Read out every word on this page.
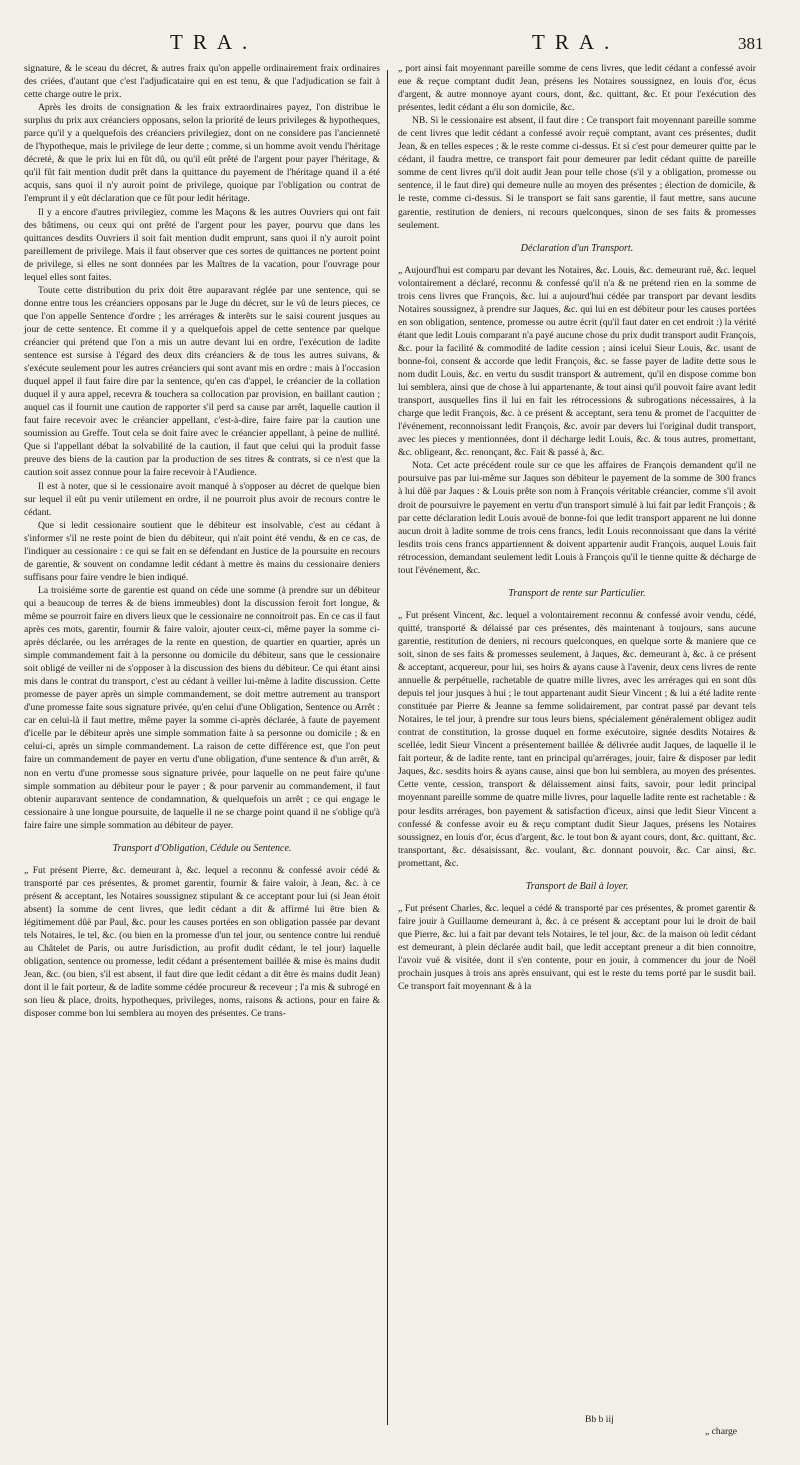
TRA.	TRA.	381

signature, & le sceau du décret, & autres fraix qu'on appelle ordinairement fraix ordinaires des criées, d'autant que c'est l'adjudicataire qui en est tenu, & que l'adjudication se fait à cette charge outre le prix.

Après les droits de consignation & les fraix extraordinaires payez, l'on distribue le surplus du prix aux créanciers opposans, selon la priorité de leurs privileges & hypotheques, parce qu'il y a quelquefois des créanciers privilegiez, dont on ne considere pas l'ancienneté de l'hypotheque, mais le privilege de leur dette ; comme, si un homme avoit vendu l'héritage décreté, & que le prix lui en fût dû, ou qu'il eût prêté de l'argent pour payer l'héritage, & qu'il fût fait mention dudit prêt dans la quittance du payement de l'héritage quand il a été acquis, sans quoi il n'y auroit point de privilege, quoique par l'obligation ou contrat de l'emprunt il y eût déclaration que ce fût pour ledit héritage.

Il y a encore d'autres privilegiez, comme les Maçons & les autres Ouvriers qui ont fait des bâtimens, ou ceux qui ont prêté de l'argent pour les payer, pourvu que dans les quittances desdits Ouvriers il soit fait mention dudit emprunt, sans quoi il n'y auroit point pareillement de privilege. Mais il faut observer que ces sortes de quittances ne portent point de privilege, si elles ne sont données par les Maîtres de la vacation, pour l'ouvrage pour lequel elles sont faites.

Toute cette distribution du prix doit être auparavant réglée par une sentence, qui se donne entre tous les créanciers opposans par le Juge du décret, sur le vû de leurs pieces, ce que l'on appelle Sentence d'ordre ; les arrérages & interêts sur le saisi courent jusques au jour de cette sentence. Et comme il y a quelquefois appel de cette sentence par quelque créancier qui prétend que l'on a mis un autre devant lui en ordre, l'exécution de ladite sentence est sursise à l'égard des deux dits créanciers & de tous les autres suivans, & s'exécute seulement pour les autres créanciers qui sont avant mis en ordre : mais à l'occasion duquel appel il faut faire dire par la sentence, qu'en cas d'appel, le créancier de la collation duquel il y aura appel, recevra & touchera sa collocation par provision, en baillant caution ; auquel cas il fournit une caution de rapporter s'il perd sa cause par arrêt, laquelle caution il faut faire recevoir avec le créancier appellant, c'est-à-dire, faire faire par la caution une soumission au Greffe. Tout cela se doit faire avec le créancier appellant, à peine de nullité. Que si l'appellant débat la solvabilité de la caution, il faut que celui qui la produit fasse preuve des biens de la caution par la production de ses titres & contrats, si ce n'est que la caution soit assez connue pour la faire recevoir à l'Audience.

Il est à noter, que si le cessionaire avoit manqué à s'opposer au décret de quelque bien sur lequel il eût pu venir utilement en ordre, il ne pourroit plus avoir de recours contre le cédant.

Que si ledit cessionaire soutient que le débiteur est insolvable, c'est au cédant à s'informer s'il ne reste point de bien du débiteur, qui n'ait point été vendu, & en ce cas, de l'indiquer au cessionaire : ce qui se fait en se défendant en Justice de la poursuite en recours de garentie, & souvent on condamne ledit cédant à mettre ès mains du cessionaire deniers suffisans pour faire vendre le bien indiqué.

La troisiéme sorte de garentie est quand on céde une somme (à prendre sur un débiteur qui a beaucoup de terres & de biens immeubles) dont la discussion feroit fort longue, & même se pourroit faire en divers lieux que le cessionaire ne connoitroit pas. En ce cas il faut après ces mots, garentir, fournir & faire valoir, ajouter ceux-ci, même payer la somme ci-après déclarée, ou les arrérages de la rente en question, de quartier en quartier, après un simple commandement fait à la personne ou domicile du débiteur, sans que le cessionaire soit obligé de veiller ni de s'opposer à la discussion des biens du débiteur. Ce qui étant ainsi mis dans le contrat du transport, c'est au cédant à veiller lui-même à ladite discussion. Cette promesse de payer après un simple commandement, se doit mettre autrement au transport d'une promesse faite sous signature privée, qu'en celui d'une Obligation, Sentence ou Arrêt : car en celui-là il faut mettre, même payer la somme ci-après déclarée, à faute de payement d'icelle par le débiteur après une simple sommation faite à sa personne ou domicile ; & en celui-ci, après un simple commandement. La raison de cette différence est, que l'on peut faire un commandement de payer en vertu d'une obligation, d'une sentence & d'un arrêt, & non en vertu d'une promesse sous signature privée, pour laquelle on ne peut faire qu'une simple sommation au débiteur pour le payer ; & pour parvenir au commandement, il faut obtenir auparavant sentence de condamnation, & quelquefois un arrêt ; ce qui engage le cessionaire à une longue poursuite, de laquelle il ne se charge point quand il ne s'oblige qu'à faire faire une simple sommation au débiteur de payer.

Transport d'Obligation, Cédule ou Sentence.

„ Fut présent Pierre, &c. demeurant à, &c. lequel a reconnu & confessé avoir cédé & transporté par ces présentes, & promet garentir, fournir & faire valoir, à Jean, &c. à ce présent & acceptant, les Notaires soussignez stipulant & ce acceptant pour lui (si Jean étoit absent) la somme de cent livres, que ledit cédant a dit & affirmé lui être bien & légitimement dûë par Paul, &c. pour les causes portées en son obligation passée par devant tels Notaires, le tel, &c. (ou bien en la promesse d'un tel jour, ou sentence contre lui renduë au Châtelet de Paris, ou autre Jurisdiction, au profit dudit cédant, le tel jour) laquelle obligation, sentence ou promesse, ledit cédant a présentement baillée & mise ès mains dudit Jean, &c. (ou bien, s'il est absent, il faut dire que ledit cédant a dit être ès mains dudit Jean) dont il le fait porteur, & de ladite somme cédée procureur & receveur ; l'a mis & subrogé en son lieu & place, droits, hypotheques, privileges, noms, raisons & actions, pour en faire & disposer comme bon lui semblera au moyen des présentes. Ce trans-

„ port ainsi fait moyennant pareille somme de cens livres, que ledit cédant a confessé avoir eue & reçue comptant dudit Jean, présens les Notaires soussignez, en louis d'or, écus d'argent, & autre monnoye ayant cours, dont, &c. quittant, &c. Et pour l'exécution des présentes, ledit cédant a élu son domicile, &c.

NB. Si le cessionaire est absent, il faut dire : Ce transport fait moyennant pareille somme de cent livres que ledit cédant a confessé avoir reçuë comptant, avant ces présentes, dudit Jean, & en telles especes ; & le reste comme ci-dessus. Et si c'est pour demeurer quitte par le cédant, il faudra mettre, ce transport fait pour demeurer par ledit cédant quitte de pareille somme de cent livres qu'il doit audit Jean pour telle chose (s'il y a obligation, promesse ou sentence, il le faut dire) qui demeure nulle au moyen des présentes ; élection de domicile, & le reste, comme ci-dessus. Si le transport se fait sans garentie, il faut mettre, sans aucune garentie, restitution de deniers, ni recours quelconques, sinon de ses faits & promesses seulement.

Déclaration d'un Transport.

„ Aujourd'hui est comparu par devant les Notaires, &c. Louis, &c. demeurant ruë, &c. lequel volontairement a déclaré, reconnu & confessé qu'il n'a & ne prétend rien en la somme de trois cens livres que François, &c. lui a aujourd'hui cédée par transport par devant lesdits Notaires soussignez, à prendre sur Jaques, &c. qui lui en est débiteur pour les causes portées en son obligation, sentence, promesse ou autre écrit (qu'il faut dater en cet endroit :) la vérité étant que ledit Louis comparant n'a payé aucune chose du prix dudit transport audit François, &c. pour la facilité & commodité de ladite cession ; ainsi icelui Sieur Louis, &c. usant de bonne-foi, consent & accorde que ledit François, &c. se fasse payer de ladite dette sous le nom dudit Louis, &c. en vertu du susdit transport & autrement, qu'il en dispose comme bon lui semblera, ainsi que de chose à lui appartenante, & tout ainsi qu'il pouvoit faire avant ledit transport, ausquelles fins il lui en fait les rétrocessions & subrogations nécessaires, à la charge que ledit François, &c. à ce présent & acceptant, sera tenu & promet de l'acquitter de l'événement, reconnoissant ledit François, &c. avoir par devers lui l'original dudit transport, avec les pieces y mentionnées, dont il décharge ledit Louis, &c. & tous autres, promettant, &c. obligeant, &c. renonçant, &c. Fait & passé à, &c.

Nota. Cet acte précédent roule sur ce que les affaires de François demandent qu'il ne poursuive pas par lui-même sur Jaques son débiteur le payement de la somme de 300 francs à lui dûë par Jaques : & Louis prête son nom à François véritable créancier, comme s'il avoit droit de poursuivre le payement en vertu d'un transport simulé à lui fait par ledit François ; & par cette déclaration ledit Louis avouë de bonne-foi que ledit transport apparent ne lui donne aucun droit à ladite somme de trois cens francs, ledit Louis reconnoissant que dans la vérité lesdits trois cens francs appartiennent & doivent appartenir audit François, auquel Louis fait rétrocession, demandant seulement ledit Louis à François qu'il le tienne quitte & décharge de tout l'événement, &c.

Transport de rente sur Particulier.

„ Fut présent Vincent, &c. lequel a volontairement reconnu & confessé avoir vendu, cédé, quitté, transporté & délaissé par ces présentes, dès maintenant à toujours, sans aucune garentie, restitution de deniers, ni recours quelconques, en quelque sorte & maniere que ce soit, sinon de ses faits & promesses seulement, à Jaques, &c. demeurant à, &c. à ce présent & acceptant, acquereur, pour lui, ses hoirs & ayans cause à l'avenir, deux cens livres de rente annuelle & perpétuelle, rachetable de quatre mille livres, avec les arrérages qui en sont dûs depuis tel jour jusques à hui ; le tout appartenant audit Sieur Vincent ; & lui a été ladite rente constituée par Pierre & Jeanne sa femme solidairement, par contrat passé par devant tels Notaires, le tel jour, à prendre sur tous leurs biens, spécialement généralement obligez audit contrat de constitution, la grosse duquel en forme exécutoire, signée desdits Notaires & scellée, ledit Sieur Vincent a présentement baillée & délivrée audit Jaques, de laquelle il le fait porteur, & de ladite rente, tant en principal qu'arrérages, jouir, faire & disposer par ledit Jaques, &c. sesdits hoirs & ayans cause, ainsi que bon lui semblera, au moyen des présentes. Cette vente, cession, transport & délaissement ainsi faits, savoir, pour ledit principal moyennant pareille somme de quatre mille livres, pour laquelle ladite rente est rachetable : & pour lesdits arrérages, bon payement & satisfaction d'iceux, ainsi que ledit Sieur Vincent a confessé & confesse avoir eu & reçu comptant dudit Sieur Jaques, présens les Notaires soussignez, en louis d'or, écus d'argent, &c. le tout bon & ayant cours, dont, &c. quittant, &c. transportant, &c. désaisissant, &c. voulant, &c. donnant pouvoir, &c. Car ainsi, &c. promettant, &c.

Transport de Bail à loyer.

„ Fut présent Charles, &c. lequel a cédé & transporté par ces présentes, & promet garentir & faire jouir à Guillaume demeurant à, &c. à ce présent & acceptant pour lui le droit de bail que Pierre, &c. lui a fait par devant tels Notaires, le tel jour, &c. de la maison où ledit cédant est demeurant, à plein déclarée audit bail, que ledit acceptant preneur a dit bien connoitre, l'avoir vuë & visitée, dont il s'en contente, pour en jouir, à commencer du jour de Noël prochain jusques à trois ans après ensuivant, qui est le reste du tems porté par le susdit bail. Ce transport fait moyennant & à la

Bb b iij
„ charge
